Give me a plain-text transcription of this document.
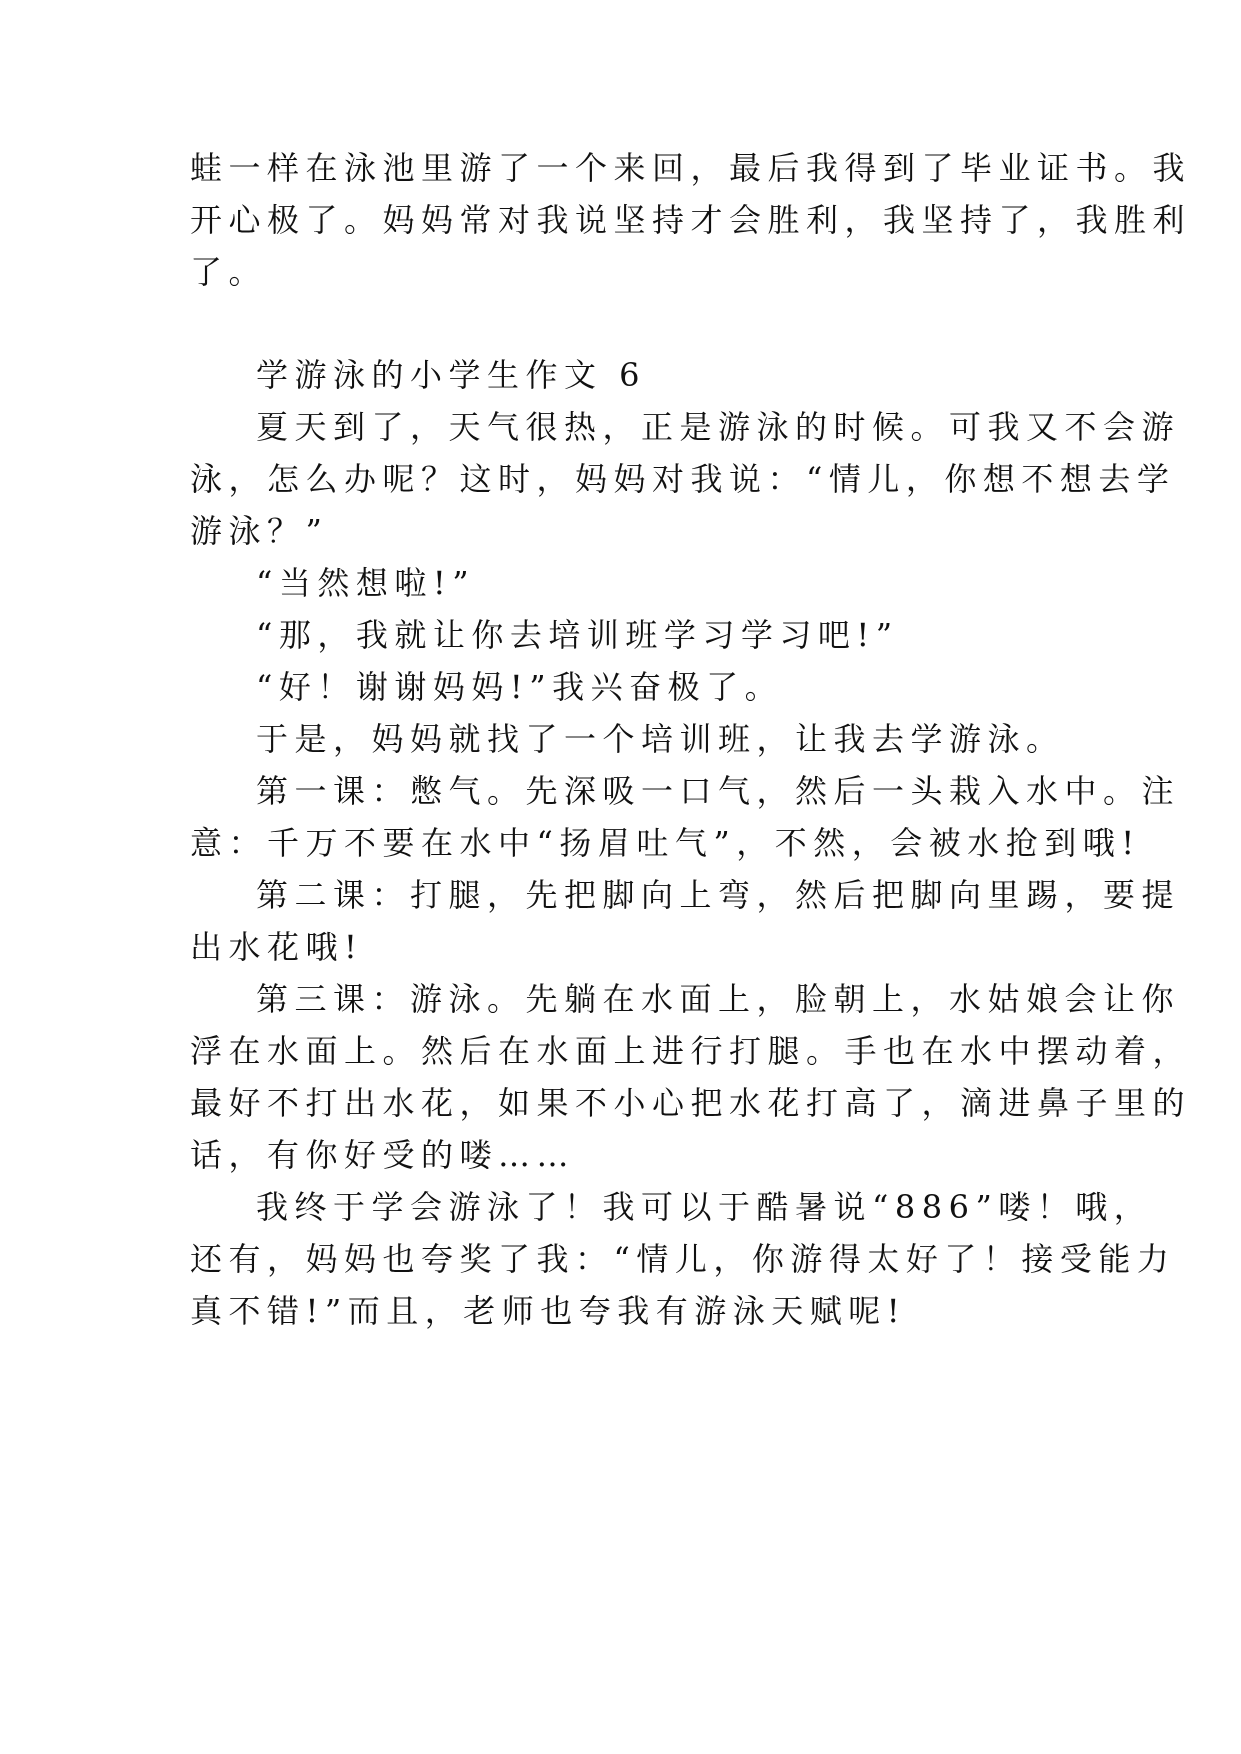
蛙一样在泳池里游了一个来回，最后我得到了毕业证书。我
开心极了。妈妈常对我说坚持才会胜利，我坚持了，我胜利
了。
学游泳的小学生作文 6
夏天到了，天气很热，正是游泳的时候。可我又不会游
泳，怎么办呢？这时，妈妈对我说：“情儿，你想不想去学
游泳？”
“当然想啦!”
“那，我就让你去培训班学习学习吧!”
“好！谢谢妈妈!”我兴奋极了。
于是，妈妈就找了一个培训班，让我去学游泳。
第一课：憋气。先深吸一口气，然后一头栽入水中。注
意：千万不要在水中“扬眉吐气”，不然，会被水抢到哦!
第二课：打腿，先把脚向上弯，然后把脚向里踢，要提
出水花哦!
第三课：游泳。先躺在水面上，脸朝上，水姑娘会让你
浮在水面上。然后在水面上进行打腿。手也在水中摆动着，
最好不打出水花，如果不小心把水花打高了，滴进鼻子里的
话，有你好受的喽……
我终于学会游泳了！我可以于酷暑说“886”喽！哦，
还有，妈妈也夸奖了我：“情儿，你游得太好了！接受能力
真不错!”而且，老师也夸我有游泳天赋呢!
